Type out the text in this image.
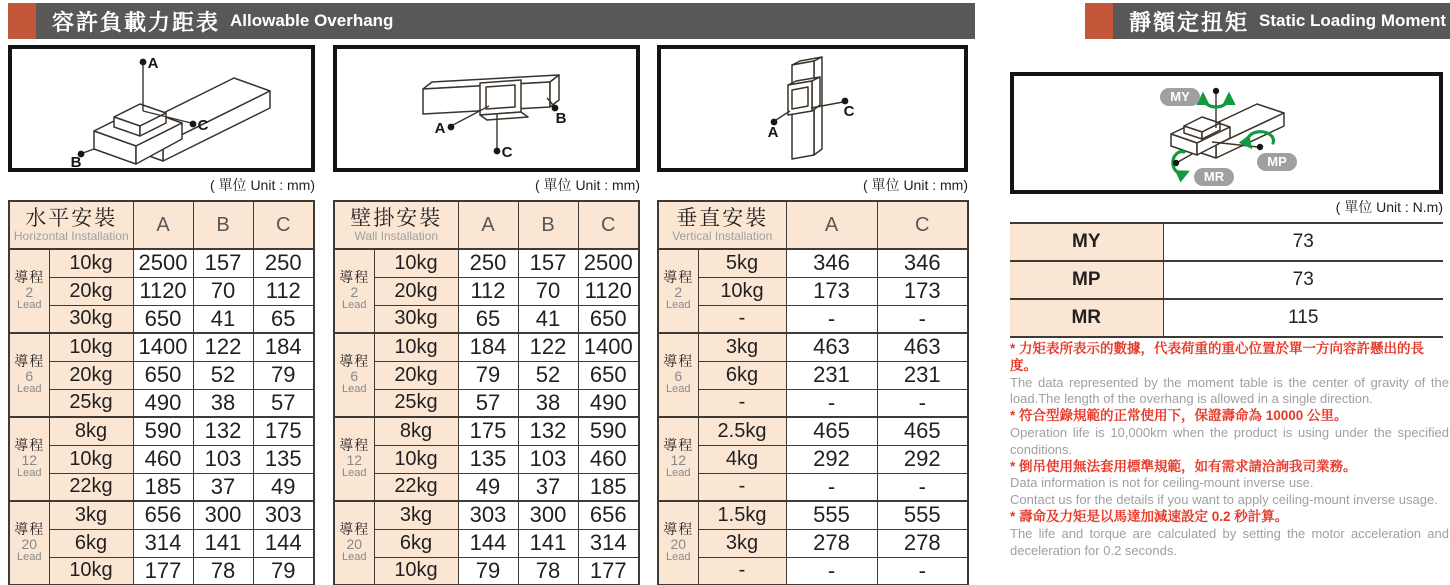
容許負載力距表 Allowable Overhang	靜額定扭矩 Static Loading Moment
A
C
B
A
C
B
A
C
MY
MP
MR
( 單位 Unit : mm)	( 單位 Unit : mm)	( 單位 Unit : mm)
( 單位 Unit : N.m)
水平安裝
Horizontal Installation		A	B	C

導程
2
Lead	10kg	2500	157	250
	20kg	1120	70	112
	30kg	650	41	65

導程
6
Lead	10kg	1400	122	184
	20kg	650	52	79
	25kg	490	38	57

導程
12
Lead	8kg	590	132	175
	10kg	460	103	135
	22kg	185	37	49

導程
20
Lead	3kg	656	300	303
	6kg	314	141	144
	10kg	177	78	79
壁掛安裝
Wall Installation		A	B	C

導程
2
Lead	10kg	250	157	2500
	20kg	112	70	1120
	30kg	65	41	650

導程
6
Lead	10kg	184	122	1400
	20kg	79	52	650
	25kg	57	38	490

導程
12
Lead	8kg	175	132	590
	10kg	135	103	460
	22kg	49	37	185

導程
20
Lead	3kg	303	300	656
	6kg	144	141	314
	10kg	79	78	177
垂直安裝
Vertical Installation		A	C

導程
2
Lead	5kg	346	346
	10kg	173	173
	-	-	-

導程
6
Lead	3kg	463	463
	6kg	231	231
	-	-	-

導程
12
Lead	2.5kg	465	465
	4kg	292	292
	-	-	-

導程
20
Lead	1.5kg	555	555
	3kg	278	278
	-	-	-
MY	73
MP	73
MR	115

* 力矩表所表示的數據，代表荷重的重心位置於單一方向容許懸出的長度。

The data represented by the moment table is the center of gravity of the load.The length of the overhang is allowed in a single direction.

* 符合型錄規範的正常使用下，保證壽命為 10000 公里。

Operation life is 10,000km when the product is using under the specified conditions.

* 倒吊使用無法套用標準規範，如有需求請洽詢我司業務。

Data information is not for ceiling-mount inverse use.

Contact us for the details if you want to apply ceiling-mount inverse usage.

* 壽命及力矩是以馬達加減速設定 0.2 秒計算。

The life and torque are calculated by setting the motor acceleration and deceleration for 0.2 seconds.
